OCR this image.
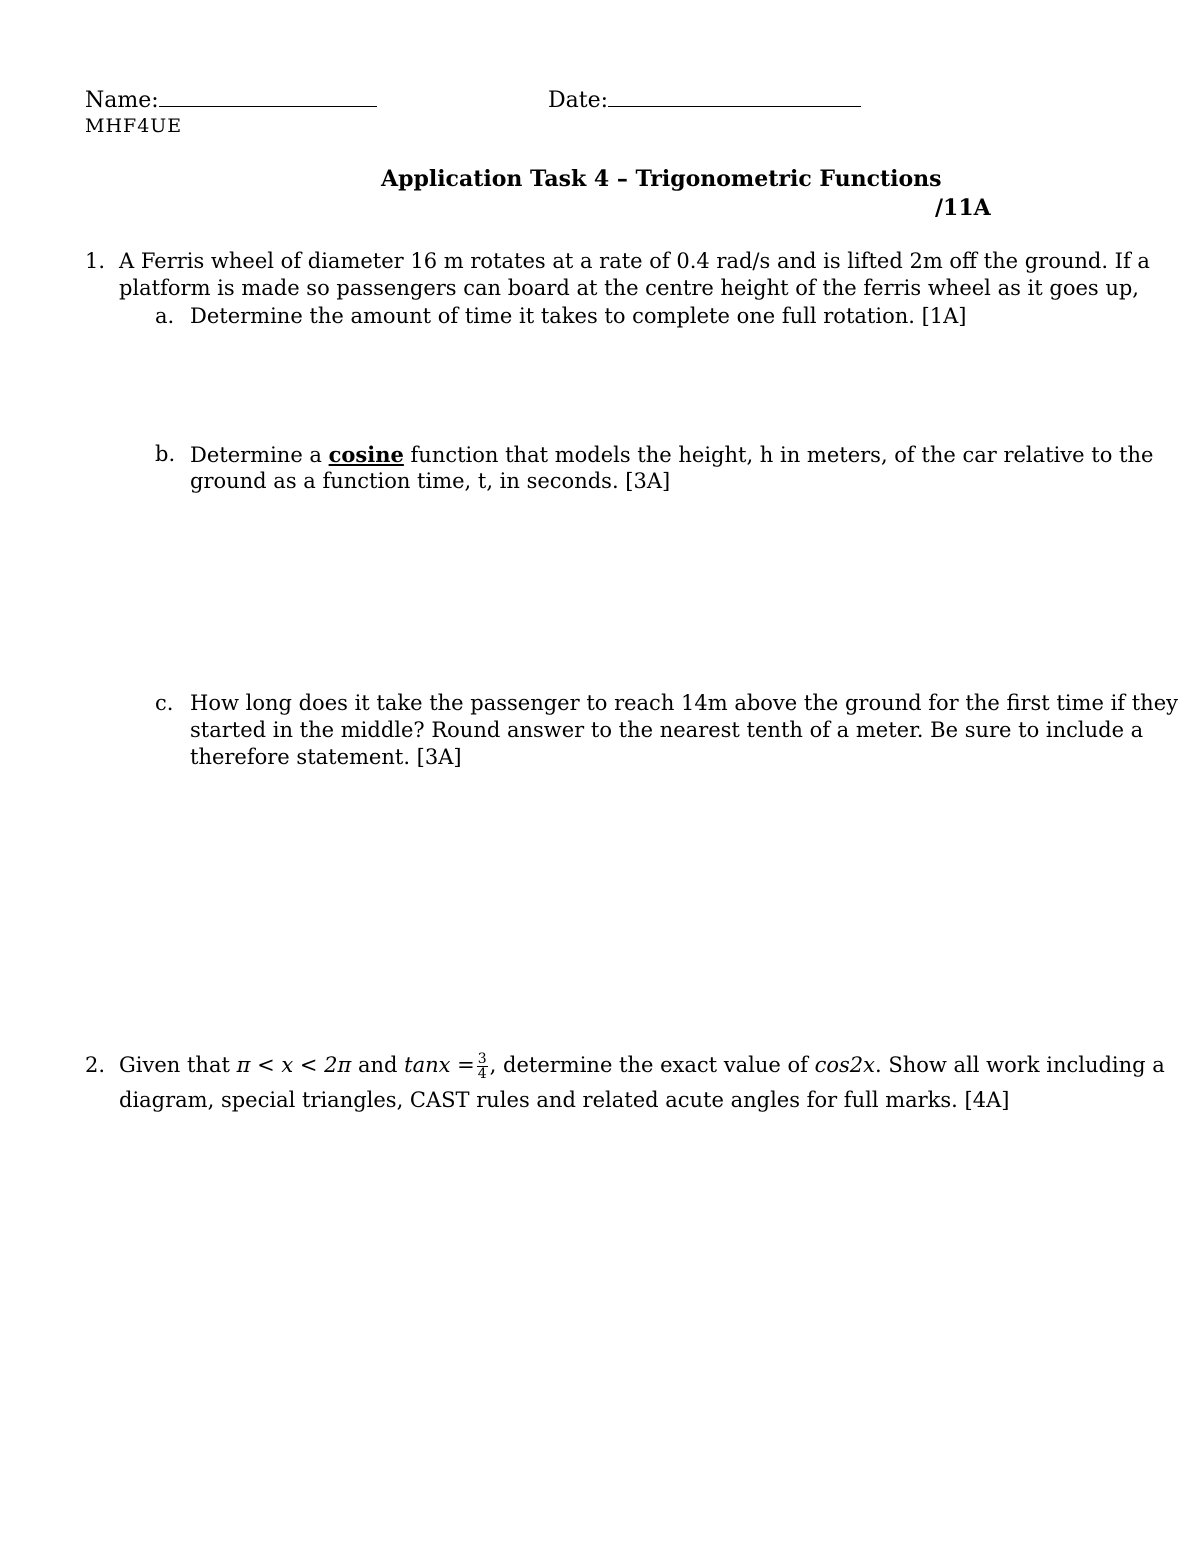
Name:	Date:
MHF4UE
Application Task 4 – Trigonometric Functions
/11A
1. A Ferris wheel of diameter 16 m rotates at a rate of 0.4 rad/s and is lifted 2m off the ground. If a
platform is made so passengers can board at the centre height of the ferris wheel as it goes up,
a. Determine the amount of time it takes to complete one full rotation. [1A]
b. Determine a cosine function that models the height, h in meters, of the car relative to the
ground as a function time, t, in seconds. [3A]
c. How long does it take the passenger to reach 14m above the ground for the first time if they
started in the middle? Round answer to the nearest tenth of a meter. Be sure to include a
therefore statement. [3A]
2. Given that π < x < 2π and $\tan x = \frac{3}{4}$ , determine the exact value of cos2x. Show all work including a
diagram, special triangles, CAST rules and related acute angles for full marks. [4A]
